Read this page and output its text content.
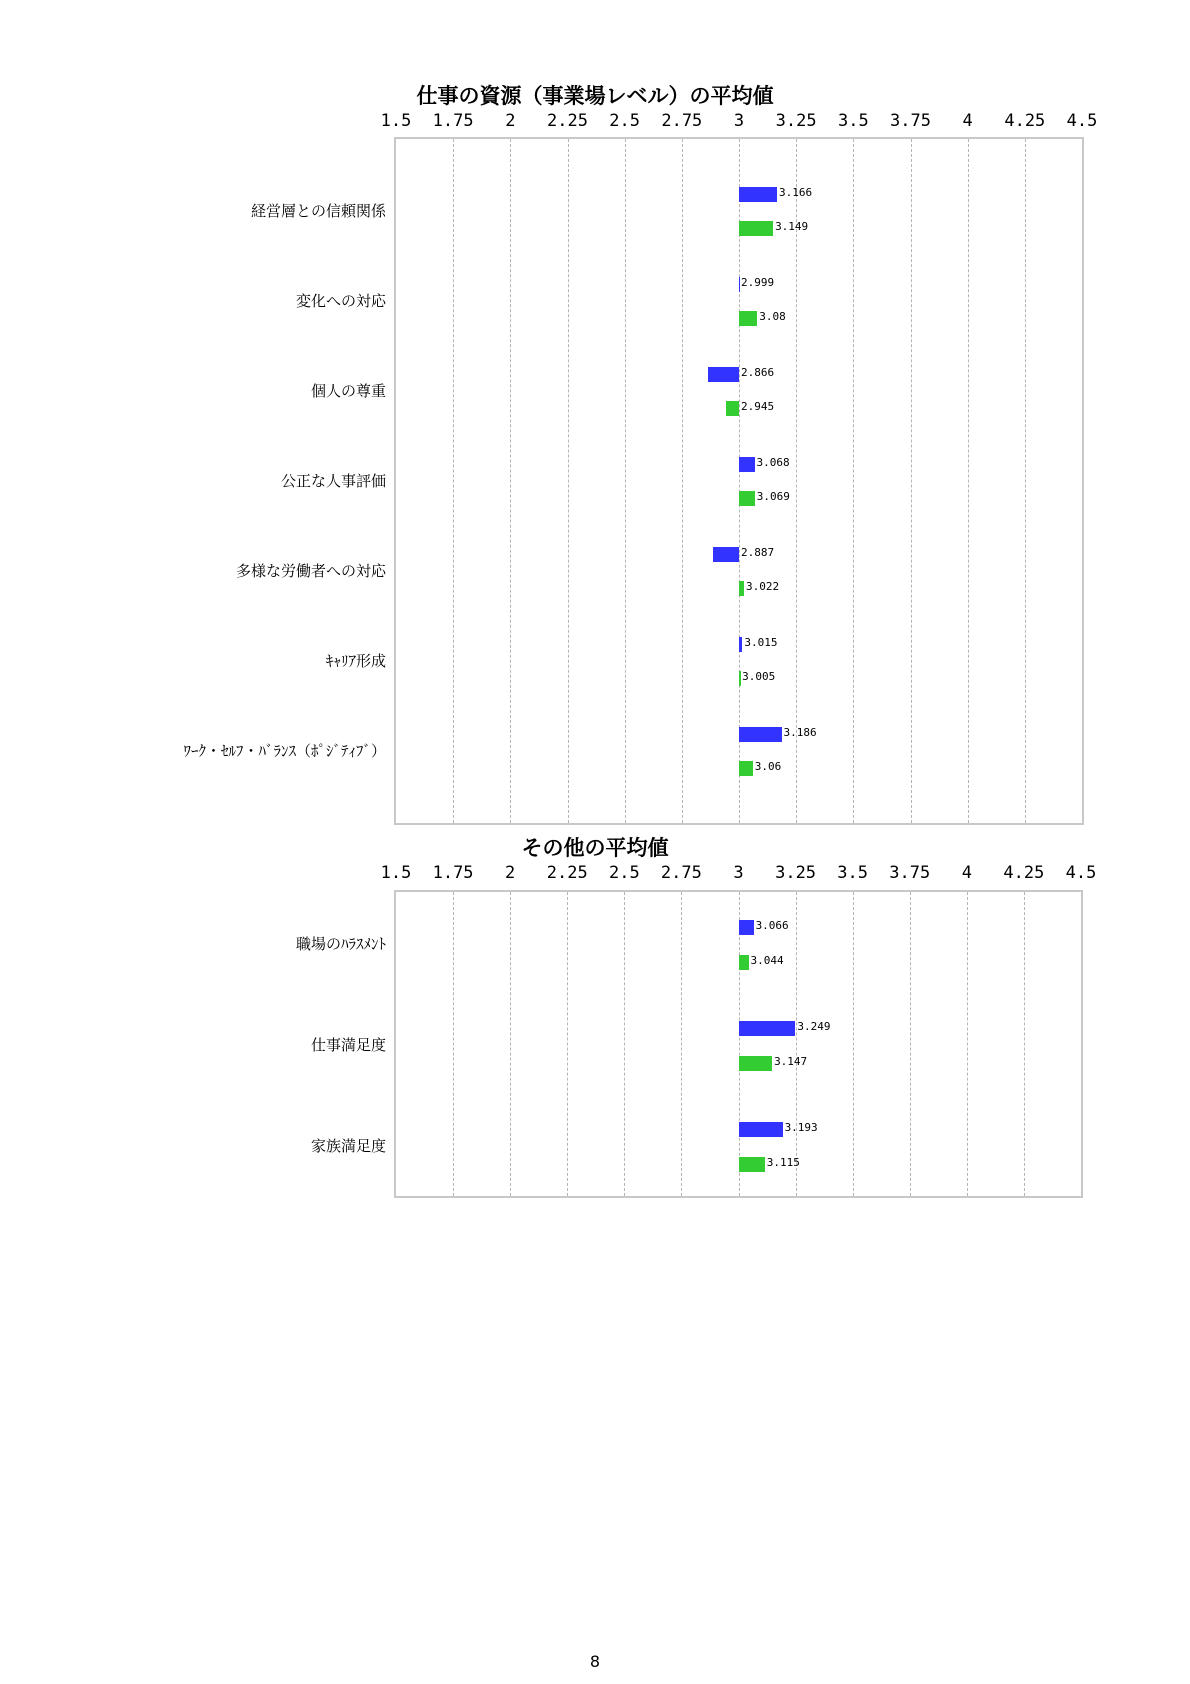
仕事の資源（事業場レベル）の平均値
1.5	1.75	2	2.25	2.5	2.75	3	3.25	3.5	3.75	4	4.25	4.5
3.166
3.149
2.999
3.08
2.866
2.945
3.068
3.069
2.887
3.022
3.015
3.005
3.186
3.06
経営層との信頼関係
変化への対応
個人の尊重
公正な人事評価
多様な労働者への対応
ｷｬﾘｱ形成
ﾜｰｸ・ｾﾙﾌ・ﾊﾞﾗﾝｽ（ﾎﾟｼﾞﾃｨﾌﾞ）
その他の平均値
1.5	1.75	2	2.25	2.5	2.75	3	3.25	3.5	3.75	4	4.25	4.5
3.066
3.044
3.249
3.147
3.193
3.115
職場のﾊﾗｽﾒﾝﾄ
仕事満足度
家族満足度
8
